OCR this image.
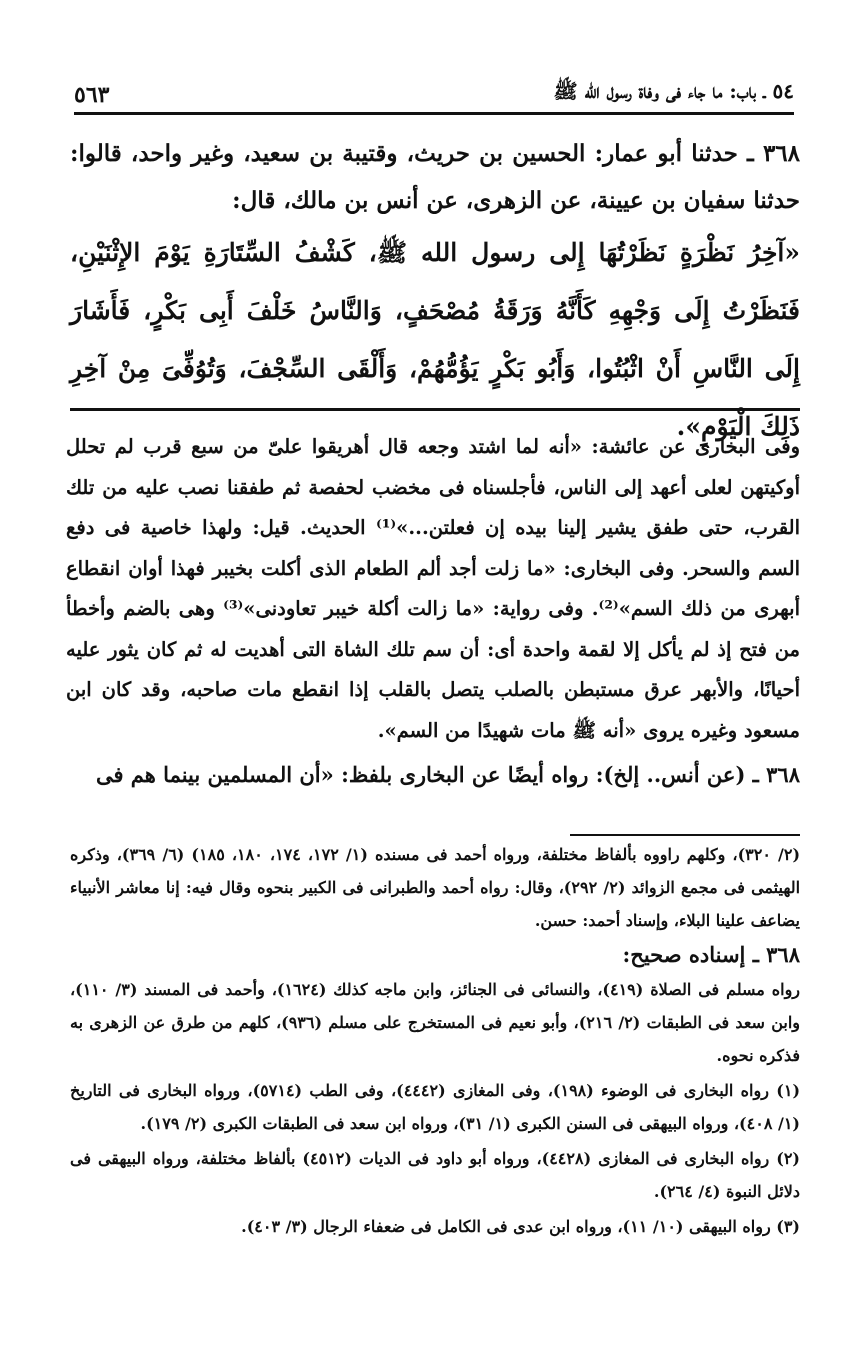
٥٤ ـ باب: ما جاء فى وفاة رسول الله ﷺ
٥٦٣

٣٦٨ ـ حدثنا أبو عمار: الحسين بن حريث، وقتيبة بن سعيد، وغير واحد، قالوا: حدثنا سفيان بن عيينة، عن الزهرى، عن أنس بن مالك، قال:

«آخِرُ نَظْرَةٍ نَظَرْتُهَا إِلى رسول الله ﷺ، كَشْفُ السِّتَارَةِ يَوْمَ الإِثْنَيْنِ، فَنَظَرْتُ إِلَى وَجْهِهِ كَأَنَّهُ وَرَقَةُ مُصْحَفٍ، وَالنَّاسُ خَلْفَ أَبِى بَكْرٍ، فَأَشَارَ إِلَى النَّاسِ أَنْ اثْبُتُوا، وَأَبُو بَكْرٍ يَؤُمُّهُمْ، وَأَلْقَى السِّجْفَ، وَتُوُفِّىَ مِنْ آخِرِ ذَلِكَ الْيَوْمِ».

وفى البخارى عن عائشة: «أنه لما اشتد وجعه قال أهريقوا علىّ من سبع قرب لم تحلل أوكيتهن لعلى أعهد إلى الناس، فأجلسناه فى مخضب لحفصة ثم طفقنا نصب عليه من تلك القرب، حتى طفق يشير إلينا بيده إن فعلتن...»⁽¹⁾ الحديث. قيل: ولهذا خاصية فى دفع السم والسحر. وفى البخارى: «ما زلت أجد ألم الطعام الذى أكلت بخيبر فهذا أوان انقطاع أبهرى من ذلك السم»⁽²⁾. وفى رواية: «ما زالت أكلة خيبر تعاودنى»⁽³⁾ وهى بالضم وأخطأ من فتح إذ لم يأكل إلا لقمة واحدة أى: أن سم تلك الشاة التى أهديت له ثم كان يثور عليه أحيانًا، والأبهر عرق مستبطن بالصلب يتصل بالقلب إذا انقطع مات صاحبه، وقد كان ابن مسعود وغيره يروى «أنه ﷺ مات شهيدًا من السم».

٣٦٨ ـ (عن أنس.. إلخ): رواه أيضًا عن البخارى بلفظ: «أن المسلمين بينما هم فى

(٢/ ٣٢٠)، وكلهم راووه بألفاظ مختلفة، ورواه أحمد فى مسنده (١/ ١٧٢، ١٧٤، ١٨٠، ١٨٥) (٦/ ٣٦٩)، وذكره الهيثمى فى مجمع الزوائد (٢/ ٢٩٢)، وقال: رواه أحمد والطبرانى فى الكبير بنحوه وقال فيه: إنا معاشر الأنبياء يضاعف علينا البلاء، وإسناد أحمد: حسن.

٣٦٨ ـ إسناده صحيح:

رواه مسلم فى الصلاة (٤١٩)، والنسائى فى الجنائز، وابن ماجه كذلك (١٦٢٤)، وأحمد فى المسند (٣/ ١١٠)، وابن سعد فى الطبقات (٢/ ٢١٦)، وأبو نعيم فى المستخرج على مسلم (٩٣٦)، كلهم من طرق عن الزهرى به فذكره نحوه.

(١) رواه البخارى فى الوضوء (١٩٨)، وفى المغازى (٤٤٤٢)، وفى الطب (٥٧١٤)، ورواه البخارى فى التاريخ (١/ ٤٠٨)، ورواه البيهقى فى السنن الكبرى (١/ ٣١)، ورواه ابن سعد فى الطبقات الكبرى (٢/ ١٧٩).

(٢) رواه البخارى فى المغازى (٤٤٢٨)، ورواه أبو داود فى الديات (٤٥١٢) بألفاظ مختلفة، ورواه البيهقى فى دلائل النبوة (٤/ ٢٦٤).

(٣) رواه البيهقى (١٠/ ١١)، ورواه ابن عدى فى الكامل فى ضعفاء الرجال (٣/ ٤٠٣).
